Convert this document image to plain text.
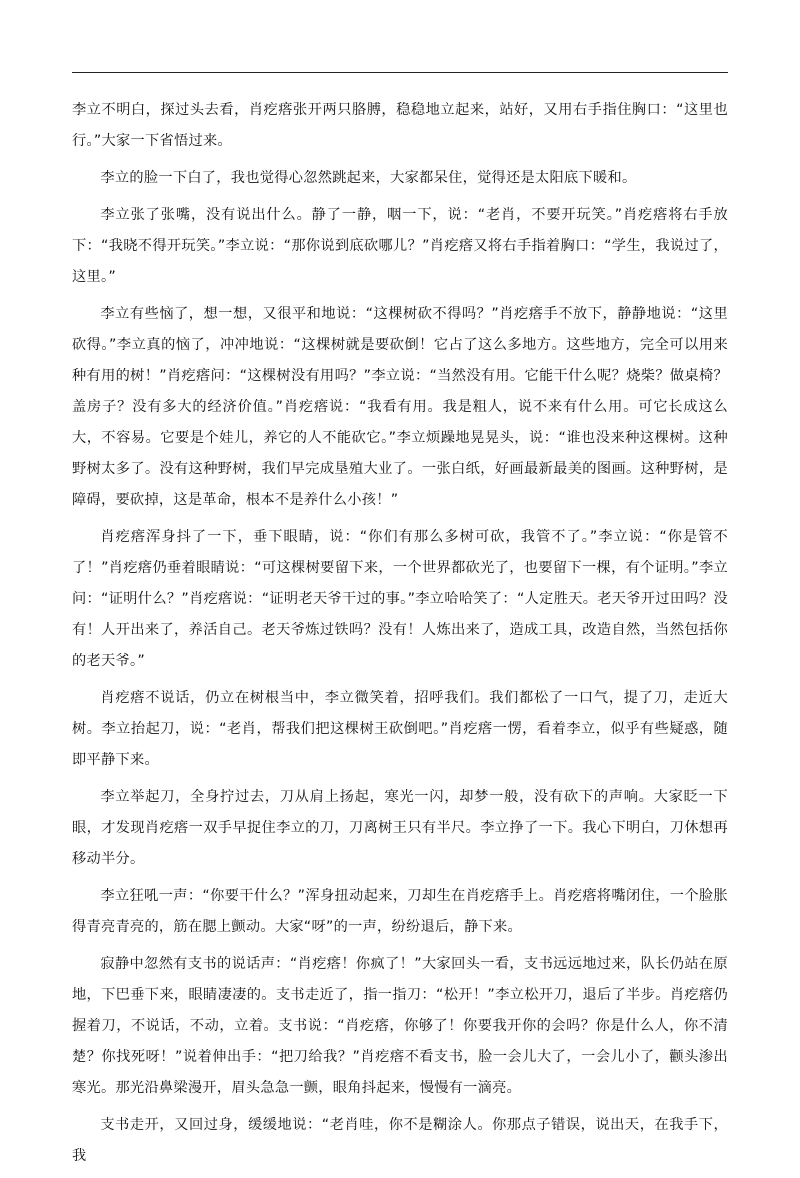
李立不明白，探过头去看，肖疙瘩张开两只胳膊，稳稳地立起来，站好，又用右手指住胸口：“这里也行。”大家一下省悟过来。

李立的脸一下白了，我也觉得心忽然跳起来，大家都呆住，觉得还是太阳底下暖和。

李立张了张嘴，没有说出什么。静了一静，咽一下，说：“老肖，不要开玩笑。”肖疙瘩将右手放下：“我晓不得开玩笑。”李立说：“那你说到底砍哪儿？”肖疙瘩又将右手指着胸口：“学生，我说过了，这里。”

李立有些恼了，想一想，又很平和地说：“这棵树砍不得吗？”肖疙瘩手不放下，静静地说：“这里砍得。”李立真的恼了，冲冲地说：“这棵树就是要砍倒！它占了这么多地方。这些地方，完全可以用来种有用的树！”肖疙瘩问：“这棵树没有用吗？”李立说：“当然没有用。它能干什么呢？烧柴？做桌椅？盖房子？没有多大的经济价值。”肖疙瘩说：“我看有用。我是粗人，说不来有什么用。可它长成这么大，不容易。它要是个娃儿，养它的人不能砍它。”李立烦躁地晃晃头，说：“谁也没来种这棵树。这种野树太多了。没有这种野树，我们早完成垦殖大业了。一张白纸，好画最新最美的图画。这种野树，是障碍，要砍掉，这是革命，根本不是养什么小孩！”

肖疙瘩浑身抖了一下，垂下眼睛，说：“你们有那么多树可砍，我管不了。”李立说：“你是管不了！”肖疙瘩仍垂着眼睛说：“可这棵树要留下来，一个世界都砍光了，也要留下一棵，有个证明。”李立问：“证明什么？”肖疙瘩说：“证明老天爷干过的事。”李立哈哈笑了：“人定胜天。老天爷开过田吗？没有！人开出来了，养活自己。老天爷炼过铁吗？没有！人炼出来了，造成工具，改造自然，当然包括你的老天爷。”

肖疙瘩不说话，仍立在树根当中，李立微笑着，招呼我们。我们都松了一口气，提了刀，走近大树。李立抬起刀，说：“老肖，帮我们把这棵树王砍倒吧。”肖疙瘩一愣，看着李立，似乎有些疑惑，随即平静下来。

李立举起刀，全身拧过去，刀从肩上扬起，寒光一闪，却梦一般，没有砍下的声响。大家眨一下眼，才发现肖疙瘩一双手早捉住李立的刀，刀离树王只有半尺。李立挣了一下。我心下明白，刀休想再移动半分。

李立狂吼一声：“你要干什么？”浑身扭动起来，刀却生在肖疙瘩手上。肖疙瘩将嘴闭住，一个脸胀得青亮青亮的，筋在腮上颤动。大家“呀”的一声，纷纷退后，静下来。

寂静中忽然有支书的说话声：“肖疙瘩！你疯了！”大家回头一看，支书远远地过来，队长仍站在原地，下巴垂下来，眼睛凄凄的。支书走近了，指一指刀：“松开！”李立松开刀，退后了半步。肖疙瘩仍握着刀，不说话，不动，立着。支书说：“肖疙瘩，你够了！你要我开你的会吗？你是什么人，你不清楚？你找死呀！”说着伸出手：“把刀给我？”肖疙瘩不看支书，脸一会儿大了，一会儿小了，颧头渗出寒光。那光沿鼻梁漫开，眉头急急一颤，眼角抖起来，慢慢有一滴亮。

支书走开，又回过身，缓缓地说：“老肖哇，你不是糊涂人。你那点子错误，说出天，在我手下，我
